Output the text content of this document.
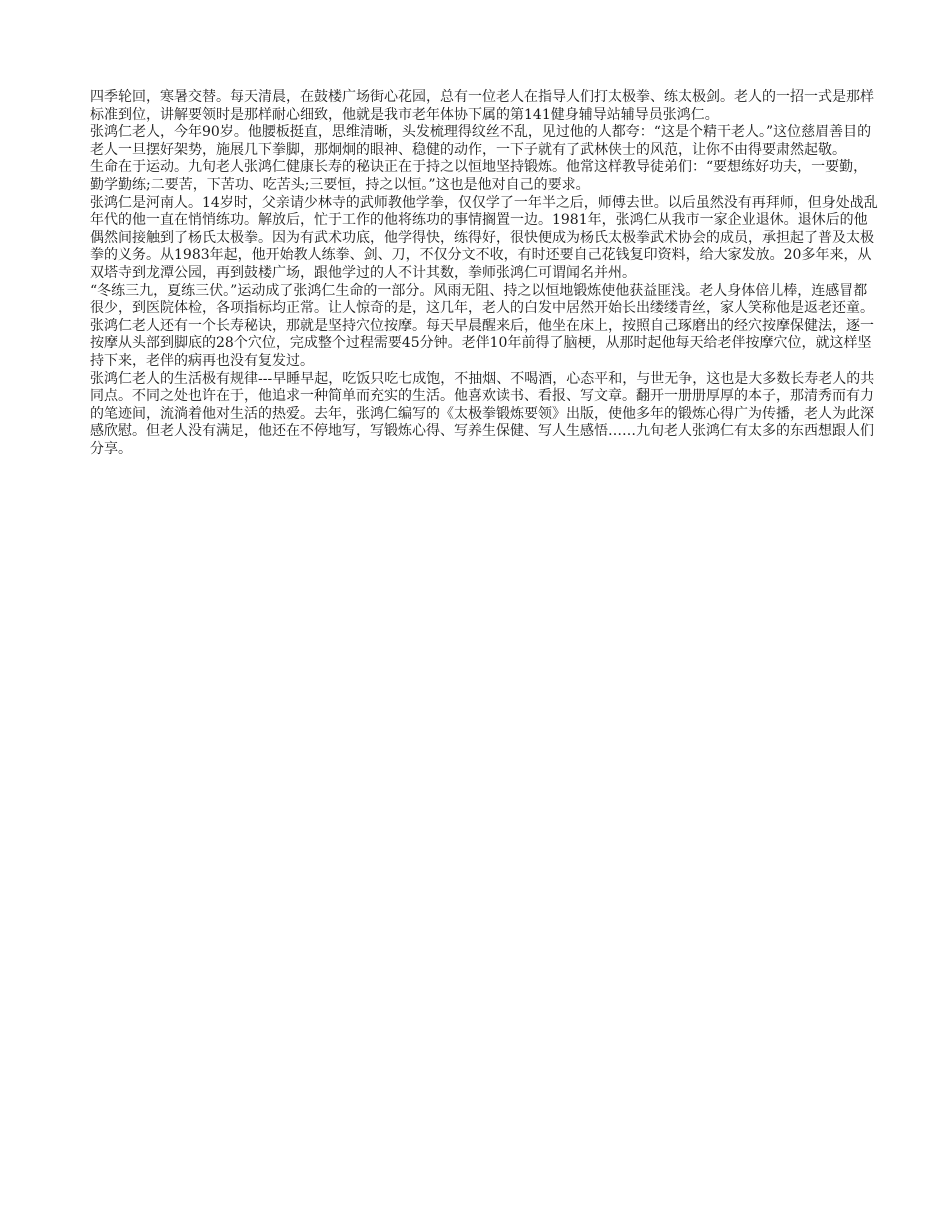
四季轮回，寒暑交替。每天清晨，在鼓楼广场街心花园，总有一位老人在指导人们打太极拳、练太极剑。老人的一招一式是那样标准到位，讲解要领时是那样耐心细致，他就是我市老年体协下属的第141健身辅导站辅导员张鸿仁。

张鸿仁老人，今年90岁。他腰板挺直，思维清晰，头发梳理得纹丝不乱，见过他的人都夸：“这是个精干老人。”这位慈眉善目的老人一旦摆好架势，施展几下拳脚，那炯炯的眼神、稳健的动作，一下子就有了武林侠士的风范，让你不由得要肃然起敬。

生命在于运动。九旬老人张鸿仁健康长寿的秘诀正在于持之以恒地坚持锻炼。他常这样教导徒弟们：“要想练好功夫，一要勤，勤学勤练;二要苦，下苦功、吃苦头;三要恒，持之以恒。”这也是他对自己的要求。

张鸿仁是河南人。14岁时，父亲请少林寺的武师教他学拳，仅仅学了一年半之后，师傅去世。以后虽然没有再拜师，但身处战乱年代的他一直在悄悄练功。解放后，忙于工作的他将练功的事情搁置一边。1981年，张鸿仁从我市一家企业退休。退休后的他偶然间接触到了杨氏太极拳。因为有武术功底，他学得快，练得好，很快便成为杨氏太极拳武术协会的成员，承担起了普及太极拳的义务。从1983年起，他开始教人练拳、剑、刀，不仅分文不收，有时还要自己花钱复印资料，给大家发放。20多年来，从双塔寺到龙潭公园，再到鼓楼广场，跟他学过的人不计其数，拳师张鸿仁可谓闻名并州。

“冬练三九，夏练三伏。”运动成了张鸿仁生命的一部分。风雨无阻、持之以恒地锻炼使他获益匪浅。老人身体倍儿棒，连感冒都很少，到医院体检，各项指标均正常。让人惊奇的是，这几年，老人的白发中居然开始长出缕缕青丝，家人笑称他是返老还童。

张鸿仁老人还有一个长寿秘诀，那就是坚持穴位按摩。每天早晨醒来后，他坐在床上，按照自己琢磨出的经穴按摩保健法，逐一按摩从头部到脚底的28个穴位，完成整个过程需要45分钟。老伴10年前得了脑梗，从那时起他每天给老伴按摩穴位，就这样坚持下来，老伴的病再也没有复发过。

张鸿仁老人的生活极有规律---早睡早起，吃饭只吃七成饱，不抽烟、不喝酒，心态平和，与世无争，这也是大多数长寿老人的共同点。不同之处也许在于，他追求一种简单而充实的生活。他喜欢读书、看报、写文章。翻开一册册厚厚的本子，那清秀而有力的笔迹间，流淌着他对生活的热爱。去年，张鸿仁编写的《太极拳锻炼要领》出版，使他多年的锻炼心得广为传播，老人为此深感欣慰。但老人没有满足，他还在不停地写，写锻炼心得、写养生保健、写人生感悟……九旬老人张鸿仁有太多的东西想跟人们分享。
